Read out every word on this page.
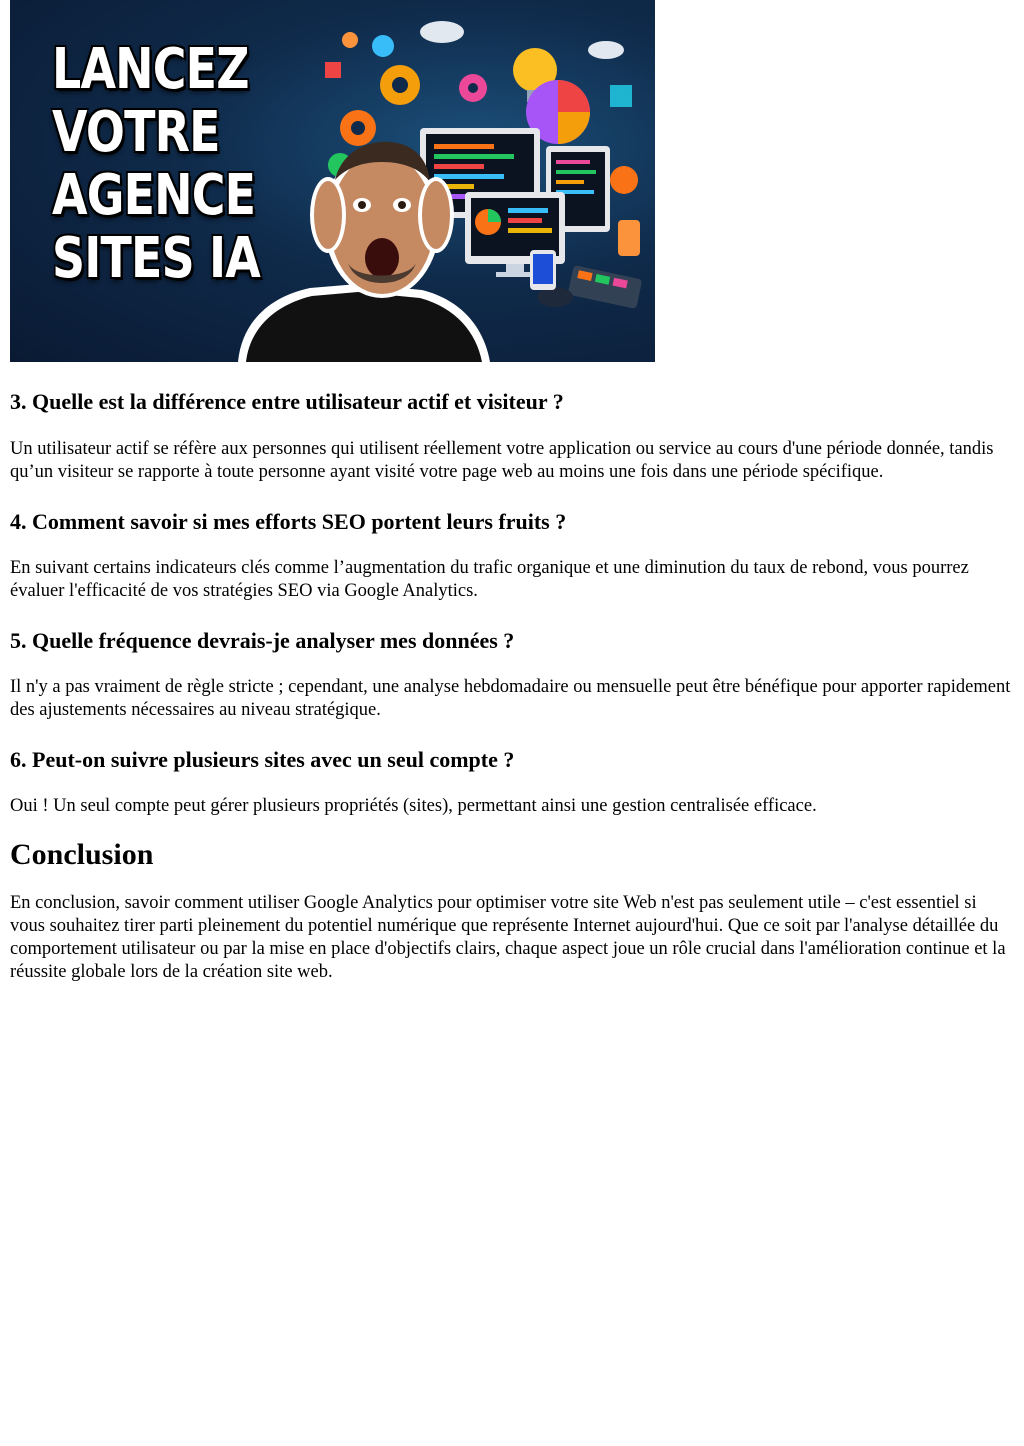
LANCEZ
VOTRE
AGENCE
SITES IA
3. Quelle est la différence entre utilisateur actif et visiteur ?

Un utilisateur actif se réfère aux personnes qui utilisent réellement votre application ou service au cours d'une période donnée, tandis qu’un visiteur se rapporte à toute personne ayant visité votre page web au moins une fois dans une période spécifique.

4. Comment savoir si mes efforts SEO portent leurs fruits ?

En suivant certains indicateurs clés comme l’augmentation du trafic organique et une diminution du taux de rebond, vous pourrez évaluer l'efficacité de vos stratégies SEO via Google Analytics.

5. Quelle fréquence devrais-je analyser mes données ?

Il n'y a pas vraiment de règle stricte ; cependant, une analyse hebdomadaire ou mensuelle peut être bénéfique pour apporter rapidement des ajustements nécessaires au niveau stratégique.

6. Peut-on suivre plusieurs sites avec un seul compte ?

Oui ! Un seul compte peut gérer plusieurs propriétés (sites), permettant ainsi une gestion centralisée efficace.

Conclusion

En conclusion, savoir comment utiliser Google Analytics pour optimiser votre site Web n'est pas seulement utile – c'est essentiel si vous souhaitez tirer parti pleinement du potentiel numérique que représente Internet aujourd'hui. Que ce soit par l'analyse détaillée du comportement utilisateur ou par la mise en place d'objectifs clairs, chaque aspect joue un rôle crucial dans l'amélioration continue et la réussite globale lors de la création site web.
